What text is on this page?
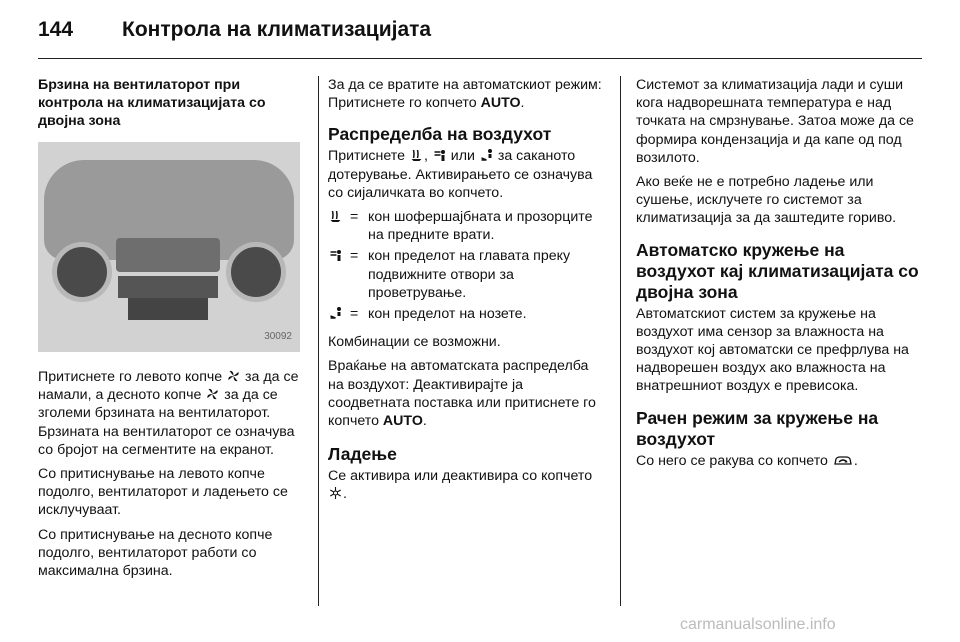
144 Контрола на климатизацијата
Брзина на вентилаторот при контрола на климатизацијата со двојна зона
30092

Притиснете го левото копче  за да се намали, а десното копче  за да се зголеми брзината на вентилаторот. Брзината на вентилаторот се означува со бројот на сегментите на екранот.

Со притиснување на левото копче подолго, вентилаторот и ладењето се исклучуваат.

Со притиснување на десното копче подолго, вентилаторот работи со максимална брзина.

За да се вратите на автоматскиот режим: Притиснете го копчето AUTO.

Распределба на воздухот

Притиснете ,  или  за саканото дотерување. Активирањето се означува со сијаличката во копчето.

= кон шофершајбната и прозорците на предните врати.
= кон пределот на главата преку подвижните отвори за проветрување.
= кон пределот на нозете.

Комбинации се возможни.

Враќање на автоматската распределба на воздухот: Деактивирајте ја соодветната поставка или притиснете го копчето AUTO.

Ладење

Се активира или деактивира со копчето .

Системот за климатизација лади и суши кога надворешната температура е над точката на смрзнување. Затоа може да се формира кондензација и да капе од под возилото.

Ако веќе не е потребно ладење или сушење, исклучете го системот за климатизација за да заштедите гориво.

Автоматско кружење на воздухот кај климатизацијата со двојна зона

Автоматскиот систем за кружење на воздухот има сензор за влажноста на воздухот кој автоматски се префрлува на надворешен воздух ако влажноста на внатрешниот воздух е превисока.

Рачен режим за кружење на воздухот

Со него се ракува со копчето .

carmanualsonline.info
